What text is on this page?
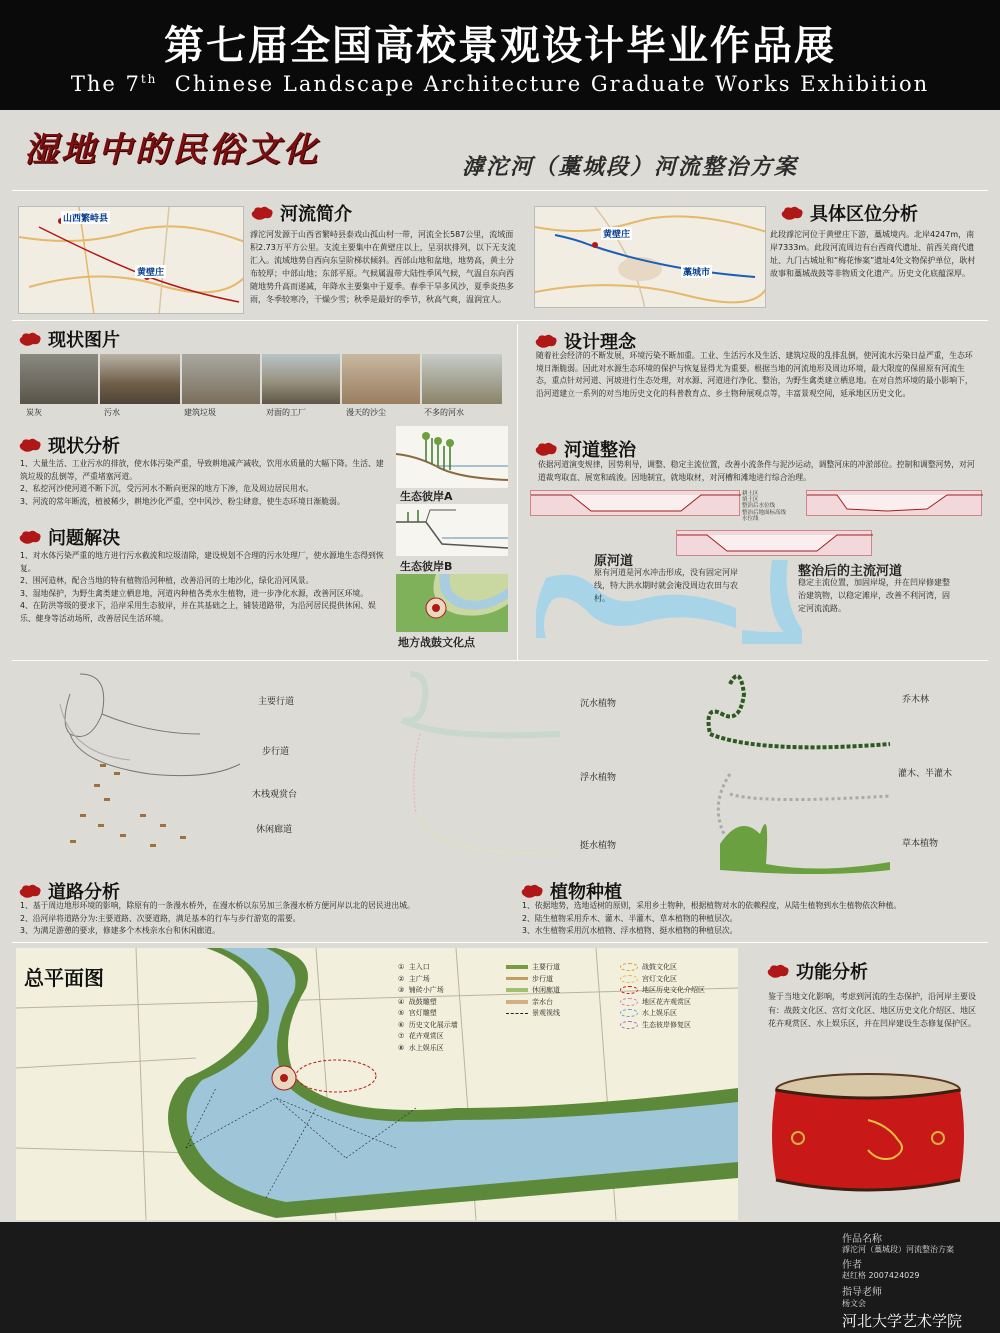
第七届全国高校景观设计毕业作品展
The 7th Chinese Landscape Architecture Graduate Works Exhibition
湿地中的民俗文化	滹沱河（藁城段）河流整治方案
山西繁峙县
黄壁庄
河流简介
滹沱河发源于山西省繁峙县泰戏山孤山村一带，河流全长587公里，流域面积2.73万平方公里。支流主要集中在黄壁庄以上，呈羽状排列，以下无支流汇入。流域地势自西向东呈阶梯状倾斜。西部山地和盆地，地势高，黄土分布较厚；中部山地；东部平原。气候属温带大陆性季风气候，气温自东向西随地势升高而递减，年降水主要集中于夏季。春季干旱多风沙，夏季炎热多雨，冬季较寒冷，干燥少雪；秋季是最好的季节，秋高气爽，温润宜人。
黄壁庄
藁城市
具体区位分析
此段滹沱河位于黄壁庄下游，藁城境内。北岸4247m，南岸7333m。此段河流周边有台西商代遗址、前西关商代遗址、九门古城址和“梅花惨案”遗址4处文物保护单位，耿村故事和藁城战鼓等非物质文化遗产。历史文化底蕴深厚。
现状图片
炭灰	污水	建筑垃圾	对面的工厂	漫天的沙尘	不多的河水
设计理念
随着社会经济的不断发展，环境污染不断加重。工业、生活污水及生活、建筑垃圾的乱排乱倒，使河流水污染日益严重，生态环境日渐脆弱。因此对水源生态环境的保护与恢复显得尤为重要。根据当地的河流地形及周边环境，最大限度的保留原有河流生态，重点针对河道、河坡进行生态处理，对水源、河道进行净化、整治，为野生禽类建立栖息地。在对自然环境的最小影响下，沿河道建立一系列的对当地历史文化的科普教育点、乡土物种展观点等，丰富景观空间，延承地区历史文化。
现状分析
1、大量生活、工业污水的排放，使水体污染严重，导致耕地减产减收，饮用水质量的大幅下降。生活、建筑垃圾的乱倒等，严重堵塞河道。
2、私挖河沙使河道不断下沉，受污河水不断向更深的地方下渗，危及周边居民用水。
3、河流的常年断流，植被稀少，耕地沙化严重，空中风沙、粉尘肆意，使生态环境日渐脆弱。
问题解决
1、对水体污染严重的地方进行污水截流和垃圾清除，建设规划不合理的污水处理厂，使水源地生态得到恢复。
2、围河造林，配合当地的特有植物沿河种植，改善沿河的土地沙化，绿化沿河风景。
3、湿地保护，为野生禽类建立栖息地，河道内种植各类水生植物，进一步净化水源，改善河区环境。
4、在防洪等级的要求下，沿岸采用生态彼岸，并在其基础之上，铺装道路带，为沿河居民提供休闲、娱乐、健身等活动场所，改善居民生活环境。
生态彼岸A
生态彼岸B
地方战鼓文化点
河道整治
依据河道演变规律，因势利导，调整、稳定主流位置，改善小流条件与泥沙运动，调整河床的冲淤部位。控制和调整河势，对河道裁弯取直、展宽和疏浚。因地制宜，就地取材，对河槽和滩地进行综合治理。
耕土区
填土区
整治后水位线
整治后地面标高线
水位线
原河道
原有河道是河水冲击形成，没有固定河岸线，特大洪水期时就会淹没周边农田与农村。
整治后的主流河道
稳定主流位置，加固岸堤，并在凹岸修建整治建筑物，以稳定滩岸，改善不利河湾，固定河流流路。
主要行道
步行道
木栈观赏台
休闲廊道
沉水植物
浮水植物
挺水植物
乔木林
灌木、半灌木
草本植物
道路分析
1、基于周边地形环境的影响，除原有的一条漫水桥外，在漫水桥以东另加三条漫水桥方便河岸以北的居民进出城。
2、沿河岸将道路分为:主要道路、次要道路，满足基本的行车与步行游览的需要。
3、为满足游憩的要求，修建多个木栈亲水台和休闲廊道。
植物种植
1、依据地势，选地适树的原则，采用乡土物种，根据植物对水的依赖程度，从陆生植物到水生植物依次种植。
2、陆生植物采用乔木、灌木、半灌木、草本植物的种植层次。
3、水生植物采用沉水植物、浮水植物、挺水植物的种植层次。
总平面图	① 主入口
② 主广场
③ 铺砖小广场
④ 战鼓雕塑
⑤ 宫灯雕塑
⑥ 历史文化展示墙
⑦ 花卉观赏区
⑧ 水上娱乐区
主要行道
步行道
休闲廊道
亲水台
景观视线
战鼓文化区
宫灯文化区
地区历史文化介绍区
地区花卉观赏区
水上娱乐区
生态彼岸修复区
功能分析
鉴于当地文化影响，考虑到河流的生态保护，沿河岸主要设有：战鼓文化区、宫灯文化区、地区历史文化介绍区、地区花卉观赏区、水上娱乐区，并在凹岸建设生态修复保护区。
作品名称
滹沱河（藁城段）河流整治方案
作者
赵红格 2007424029
指导老师
杨文会
河北大学艺术学院
